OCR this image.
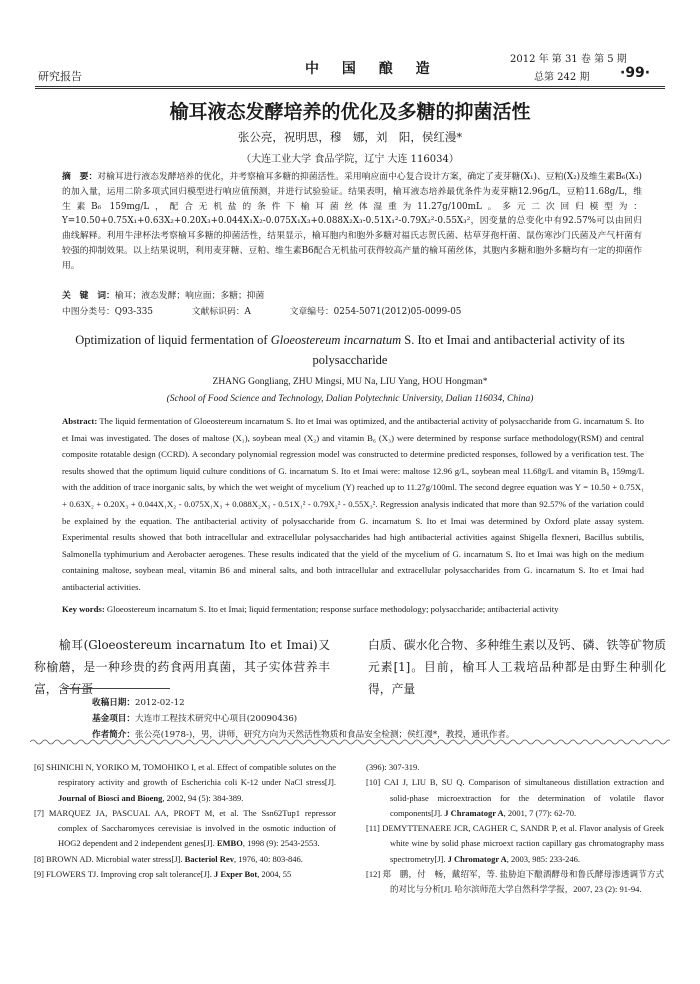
研究报告	中 国 酿 造
2012 年 第 31 卷 第 5 期
总第 242 期 ·99·
榆耳液态发酵培养的优化及多糖的抑菌活性
张公亮，祝明思，穆　娜，刘　阳，侯红漫*
（大连工业大学 食品学院，辽宁 大连 116034）
摘　要：对榆耳进行液态发酵培养的优化，并考察榆耳多糖的抑菌活性。采用响应面中心复合设计方案，确定了麦芽糖(X₁)、豆粕(X₂)及维生素B₆(X₃)的加入量，运用二阶多项式回归模型进行响应值预测，并进行试验验证。结果表明，榆耳液态培养最优条件为麦芽糖12.96g/L，豆粕11.68g/L，维生素B₆ 159mg/L，配合无机盐的条件下榆耳菌丝体湿重为11.27g/100mL。多元二次回归模型为：Y=10.50+0.75X₁+0.63X₂+0.20X₃+0.044X₁X₂-0.075X₁X₃+0.088X₂X₃-0.51X₁²-0.79X₂²-0.55X₃²，因变量的总变化中有92.57%可以由回归曲线解释。利用牛津杯法考察榆耳多糖的抑菌活性，结果显示，榆耳胞内和胞外多糖对福氏志贺氏菌、枯草芽孢杆菌、鼠伤寒沙门氏菌及产气杆菌有较强的抑制效果。以上结果说明，利用麦芽糖、豆粕、维生素B6配合无机盐可获得较高产量的榆耳菌丝体，其胞内多糖和胞外多糖均有一定的抑菌作用。
关　键　词：榆耳；液态发酵；响应面；多糖；抑菌
中图分类号：Q93-335	文献标识码：A	文章编号：0254-5071(2012)05-0099-05
Optimization of liquid fermentation of Gloeostereum incarnatum S. Ito et Imai and antibacterial activity of its polysaccharide
ZHANG Gongliang, ZHU Mingsi, MU Na, LIU Yang, HOU Hongman*
(School of Food Science and Technology, Dalian Polytechnic University, Dalian 116034, China)
Abstract: The liquid fermentation of Gloeostereum incarnatum S. Ito et Imai was optimized, and the antibacterial activity of polysaccharide from G. incarnatum S. Ito et Imai was investigated. The doses of maltose (X₁), soybean meal (X₂) and vitamin B₆ (X₃) were determined by response surface methodology(RSM) and central composite rotatable design (CCRD). A secondary polynomial regression model was constructed to determine predicted responses, followed by a verification test. The results showed that the optimum liquid culture conditions of G. incarnatum S. Ito et Imai were: maltose 12.96 g/L, soybean meal 11.68g/L and vitamin B₆ 159mg/L with the addition of trace inorganic salts, by which the wet weight of mycelium (Y) reached up to 11.27g/100ml. The second degree equation was Y = 10.50 + 0.75X₁ + 0.63X₂ + 0.20X₃ + 0.044X₁X₂ - 0.075X₁X₃ + 0.088X₂X₃ - 0.51X₁² - 0.79X₂² - 0.55X₃². Regression analysis indicated that more than 92.57% of the variation could be explained by the equation. The antibacterial activity of polysaccharide from G. incarnatum S. Ito et Imai was determined by Oxford plate assay system. Experimental results showed that both intracellular and extracellular polysaccharides had high antibacterial activities against Shigella flexneri, Bacillus subtilis, Salmonella typhimurium and Aerobacter aerogenes. These results indicated that the yield of the mycelium of G. incarnatum S. Ito et Imai was high on the medium containing maltose, soybean meal, vitamin B6 and mineral salts, and both intracellular and extracellular polysaccharides from G. incarnatum S. Ito et Imai had antibacterial activities.
Key words: Gloeostereum incarnatum S. Ito et Imai; liquid fermentation; response surface methodology; polysaccharide; antibacterial activity
　　榆耳(Gloeostereum incarnatum Ito et Imai)又称榆蘑，是一种珍贵的药食两用真菌，其子实体营养丰富，含有蛋
白质、碳水化合物、多种维生素以及钙、磷、铁等矿物质元素[1]。目前，榆耳人工栽培品种都是由野生种驯化得，产量
收稿日期：2012-02-12
基金项目：大连市工程技术研究中心项目(20090436)
作者简介：张公亮(1978-)，男，讲师，研究方向为天然活性物质和食品安全检测；侯红漫*，教授，通讯作者。
[6] SHINICHI N, YORIKO M, TOMOHIKO I, et al. Effect of compatible solutes on the respiratory activity and growth of Escherichia coli K-12 under NaCl stress[J]. Journal of Biosci and Bioeng, 2002, 94 (5): 384-389.
[7] MARQUEZ JA, PASCUAL AA, PROFT M, et al. The Ssn62Tup1 repressor complex of Saccharomyces cerevisiae is involved in the osmotic induction of HOG2 dependent and 2 independent genes[J]. EMBO, 1998 (9): 2543-2553.
[8] BROWN AD. Microbial water stress[J]. Bacteriol Rev, 1976, 40: 803-846.
[9] FLOWERS TJ. Improving crop salt tolerance[J]. J Exper Bot, 2004, 55
(396): 307-319.
[10] CAI J, LIU B, SU Q. Comparison of simultaneous distillation extraction and solid-phase microextraction for the determination of volatile flavor components[J]. J Chramatogr A, 2001, 7 (77): 62-70.
[11] DEMYTTENAERE JCR, CAGHER C, SANDR P, et al. Flavor analysis of Greek white wine by solid phase microext raction capillary gas chromatography mass spectrometry[J]. J Chromatogr A, 2003, 985: 233-246.
[12] 郑　鹏，付　畅，戴绍军，等. 盐胁迫下酿酒酵母和鲁氏酵母渗透调节方式的对比与分析[J]. 哈尔滨师范大学自然科学学报，2007, 23 (2): 91-94.
